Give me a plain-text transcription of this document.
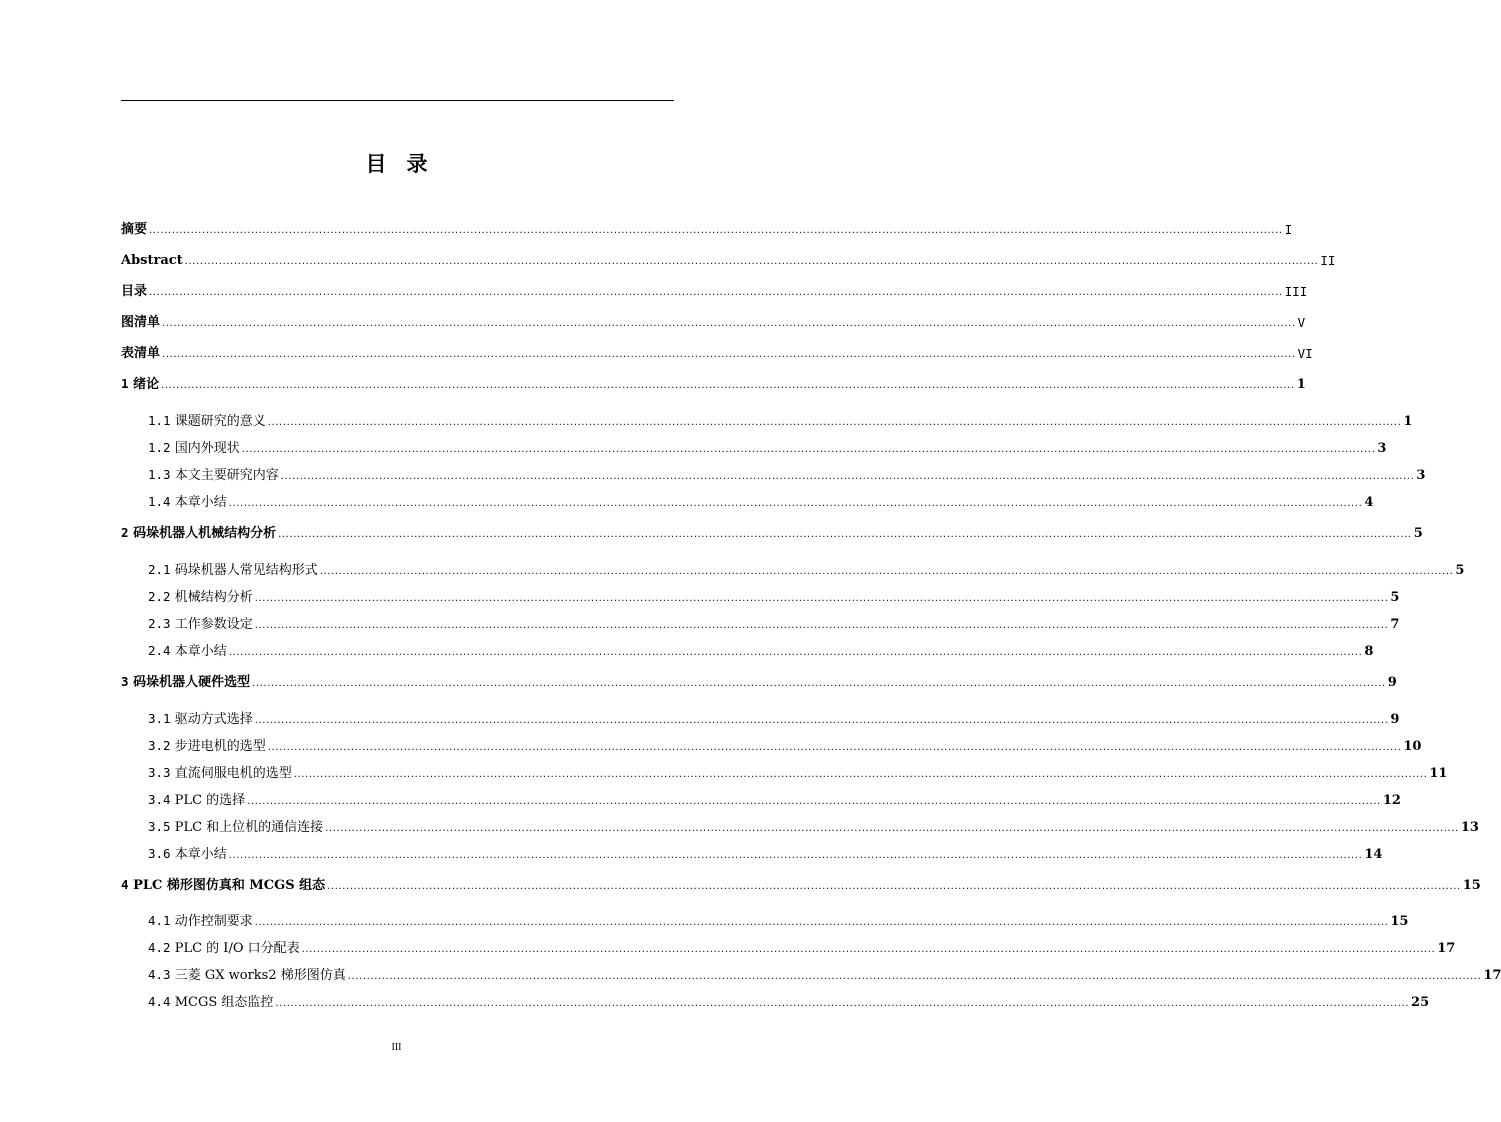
目 录
摘要 ............................................................................................................................................................................................................................................................................................................ I
Abstract ............................................................................................................................................................................................................................................................................................................ II
目录 ............................................................................................................................................................................................................................................................................................................ III
图清单 ............................................................................................................................................................................................................................................................................................................ V
表清单 ............................................................................................................................................................................................................................................................................................................ VI
1 绪论 ............................................................................................................................................................................................................................................................................................................ 1
1.1 课题研究的意义 ............................................................................................................................................................................................................................................................................................................ 1
1.2 国内外现状 ............................................................................................................................................................................................................................................................................................................ 3
1.3 本文主要研究内容 ............................................................................................................................................................................................................................................................................................................ 3
1.4 本章小结 ............................................................................................................................................................................................................................................................................................................ 4
2 码垛机器人机械结构分析 ............................................................................................................................................................................................................................................................................................................ 5
2.1 码垛机器人常见结构形式 ............................................................................................................................................................................................................................................................................................................ 5
2.2 机械结构分析 ............................................................................................................................................................................................................................................................................................................ 5
2.3 工作参数设定 ............................................................................................................................................................................................................................................................................................................ 7
2.4 本章小结 ............................................................................................................................................................................................................................................................................................................ 8
3 码垛机器人硬件选型 ............................................................................................................................................................................................................................................................................................................ 9
3.1 驱动方式选择 ............................................................................................................................................................................................................................................................................................................ 9
3.2 步进电机的选型 ............................................................................................................................................................................................................................................................................................................ 10
3.3 直流伺服电机的选型 ............................................................................................................................................................................................................................................................................................................ 11
3.4 PLC 的选择 ............................................................................................................................................................................................................................................................................................................ 12
3.5 PLC 和上位机的通信连接 ............................................................................................................................................................................................................................................................................................................ 13
3.6 本章小结 ............................................................................................................................................................................................................................................................................................................ 14
4 PLC 梯形图仿真和 MCGS 组态 ............................................................................................................................................................................................................................................................................................................ 15
4.1 动作控制要求 ............................................................................................................................................................................................................................................................................................................ 15
4.2 PLC 的 I/O 口分配表 ............................................................................................................................................................................................................................................................................................................ 17
4.3 三菱 GX works2 梯形图仿真 ............................................................................................................................................................................................................................................................................................................ 17
4.4 MCGS 组态监控 ............................................................................................................................................................................................................................................................................................................ 25
III
